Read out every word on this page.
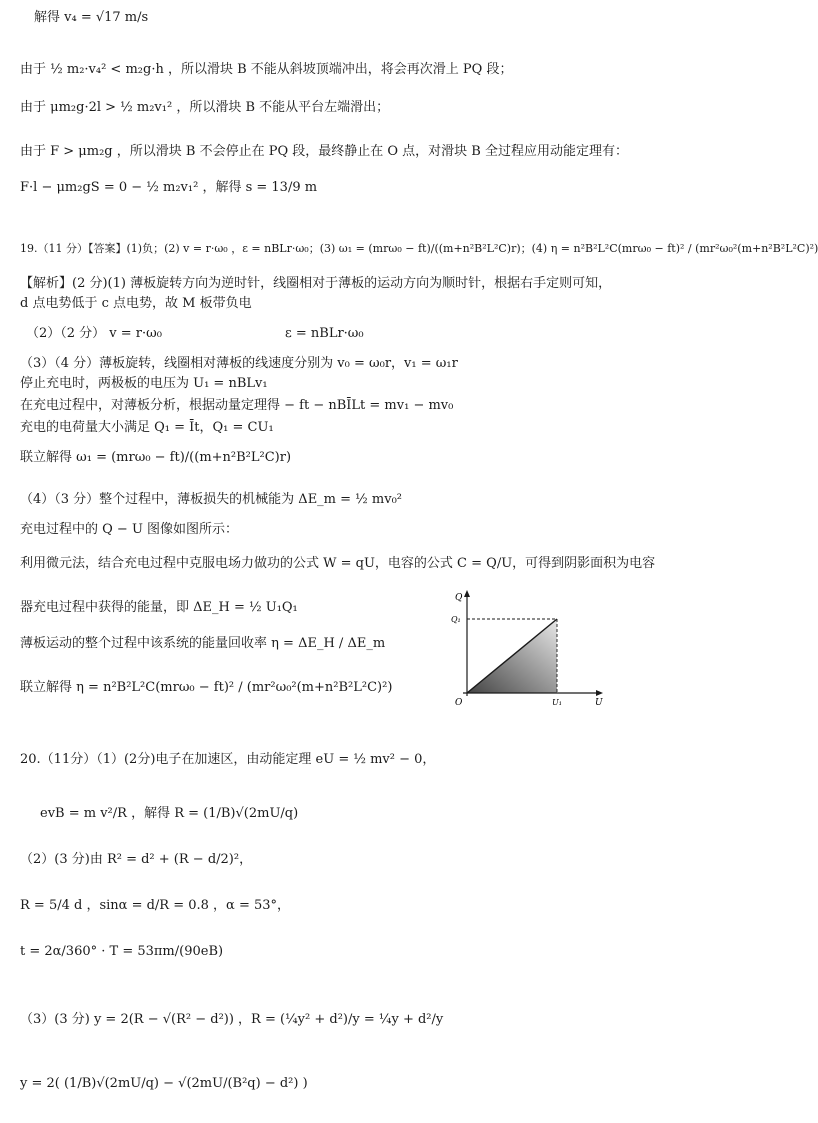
解得 v₄ = √17 m/s
由于 ½ m₂·v₄² < m₂g·h ，所以滑块 B 不能从斜坡顶端冲出，将会再次滑上 PQ 段；
由于 μm₂g·2l > ½ m₂v₁² ，所以滑块 B 不能从平台左端滑出；
由于 F > μm₂g ，所以滑块 B 不会停止在 PQ 段，最终静止在 O 点，对滑块 B 全过程应用动能定理有：
F·l − μm₂gS = 0 − ½ m₂v₁² ，解得 s = 13/9 m
19.（11 分）【答案】(1)负；(2) v = r·ω₀ ，ε = nBLr·ω₀；(3) ω₁ = (mrω₀ − ft)/((m+n²B²L²C)r)；(4) η = n²B²L²C(mrω₀ − ft)² / (mr²ω₀²(m+n²B²L²C)²)
【解析】(2 分)(1) 薄板旋转方向为逆时针，线圈相对于薄板的运动方向为顺时针，根据右手定则可知，
d 点电势低于 c 点电势，故 M 板带负电
（2）（2 分） v = r·ω₀	ε = nBLr·ω₀
（3）（4 分）薄板旋转，线圈相对薄板的线速度分别为 v₀ = ω₀r，v₁ = ω₁r
停止充电时，两极板的电压为 U₁ = nBLv₁
在充电过程中，对薄板分析，根据动量定理得 − ft − nBĪLt = mv₁ − mv₀
充电的电荷量大小满足 Q₁ = Īt，Q₁ = CU₁
联立解得 ω₁ = (mrω₀ − ft)/((m+n²B²L²C)r)
（4）（3 分）整个过程中，薄板损失的机械能为 ΔE_m = ½ mv₀²
充电过程中的 Q − U 图像如图所示：
利用微元法，结合充电过程中克服电场力做功的公式 W = qU，电容的公式 C = Q/U，可得到阴影面积为电容
器充电过程中获得的能量，即 ΔE_H = ½ U₁Q₁
薄板运动的整个过程中该系统的能量回收率 η = ΔE_H / ΔE_m
联立解得 η = n²B²L²C(mrω₀ − ft)² / (mr²ω₀²(m+n²B²L²C)²)
Q
U
O
Q₁
U₁
20.（11分）（1）(2分)电子在加速区，由动能定理 eU = ½ mv² − 0，
evB = m v²/R ，解得 R = (1/B)√(2mU/q)
（2）(3 分)由 R² = d² + (R − d/2)²，
R = 5/4 d ，sinα = d/R = 0.8 ，α = 53°，
t = 2α/360° · T = 53πm/(90eB)
（3）(3 分) y = 2(R − √(R² − d²)) ，R = (¼y² + d²)/y = ¼y + d²/y
y = 2( (1/B)√(2mU/q) − √(2mU/(B²q) − d²) )
